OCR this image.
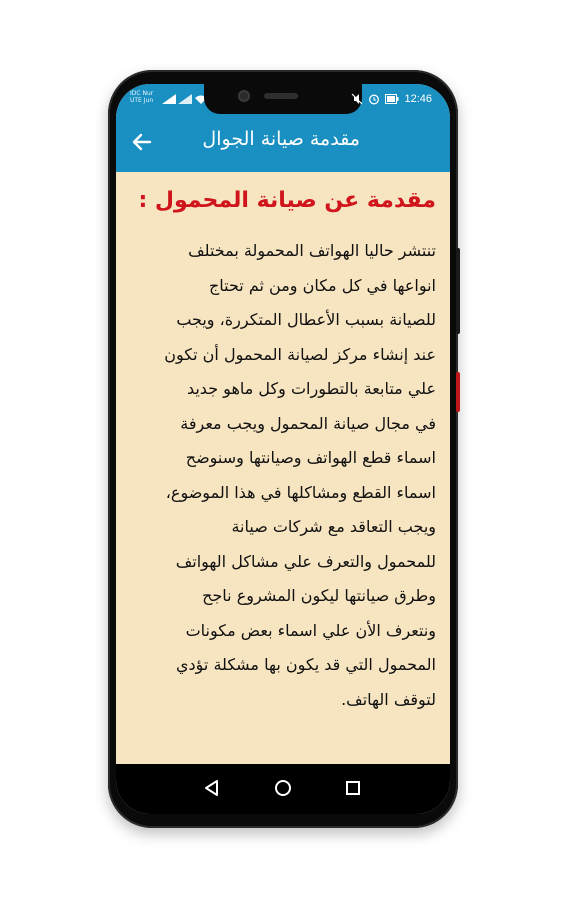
IDC Nur
UTE Jun	12:46
مقدمة صيانة الجوال
مقدمة عن صيانة المحمول :
تنتشر حاليا الهواتف المحمولة بمختلف
انواعها في كل مكان ومن ثم تحتاج
للصيانة بسبب الأعطال المتكررة، ويجب
عند إنشاء مركز لصيانة المحمول أن تكون
علي متابعة بالتطورات وكل ماهو جديد
في مجال صيانة المحمول ويجب معرفة
اسماء قطع الهواتف وصيانتها وسنوضح
اسماء القطع ومشاكلها في هذا الموضوع،
ويجب التعاقد مع شركات صيانة
للمحمول والتعرف علي مشاكل الهواتف
وطرق صيانتها ليكون المشروع ناجح
ونتعرف الأن علي اسماء بعض مكونات
المحمول التي قد يكون بها مشكلة تؤدي
لتوقف الهاتف.
